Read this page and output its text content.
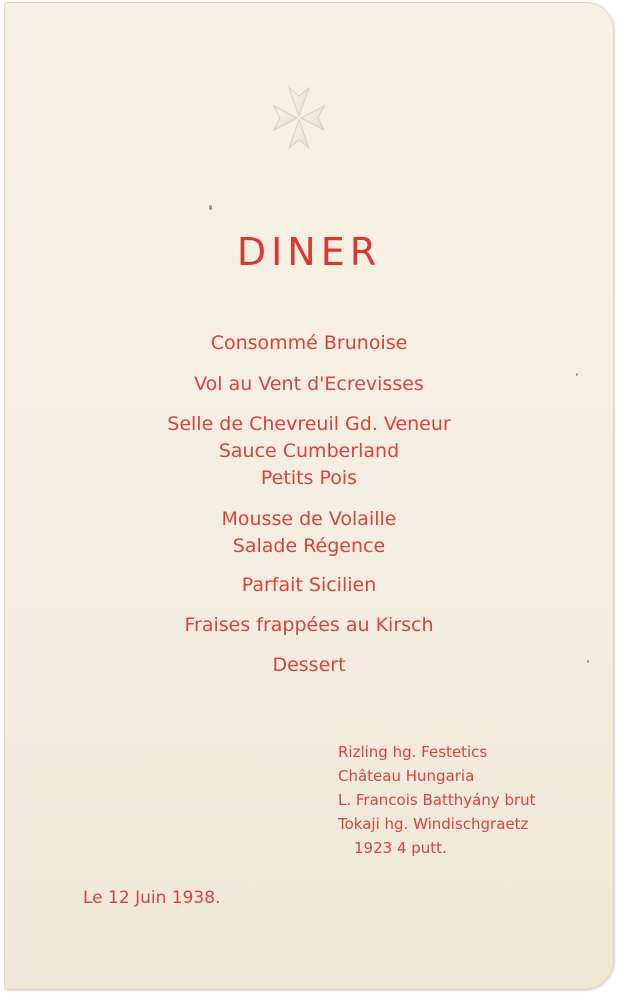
DINER
Consommé Brunoise
Vol au Vent d'Ecrevisses
Selle de Chevreuil Gd. Veneur
Sauce Cumberland
Petits Pois
Mousse de Volaille
Salade Régence
Parfait Sicilien
Fraises frappées au Kirsch
Dessert
Rizling hg. Festetics
Château Hungaria
L. Francois Batthyány brut
Tokaji hg. Windischgraetz
1923 4 putt.
Le 12 Juin 1938.
